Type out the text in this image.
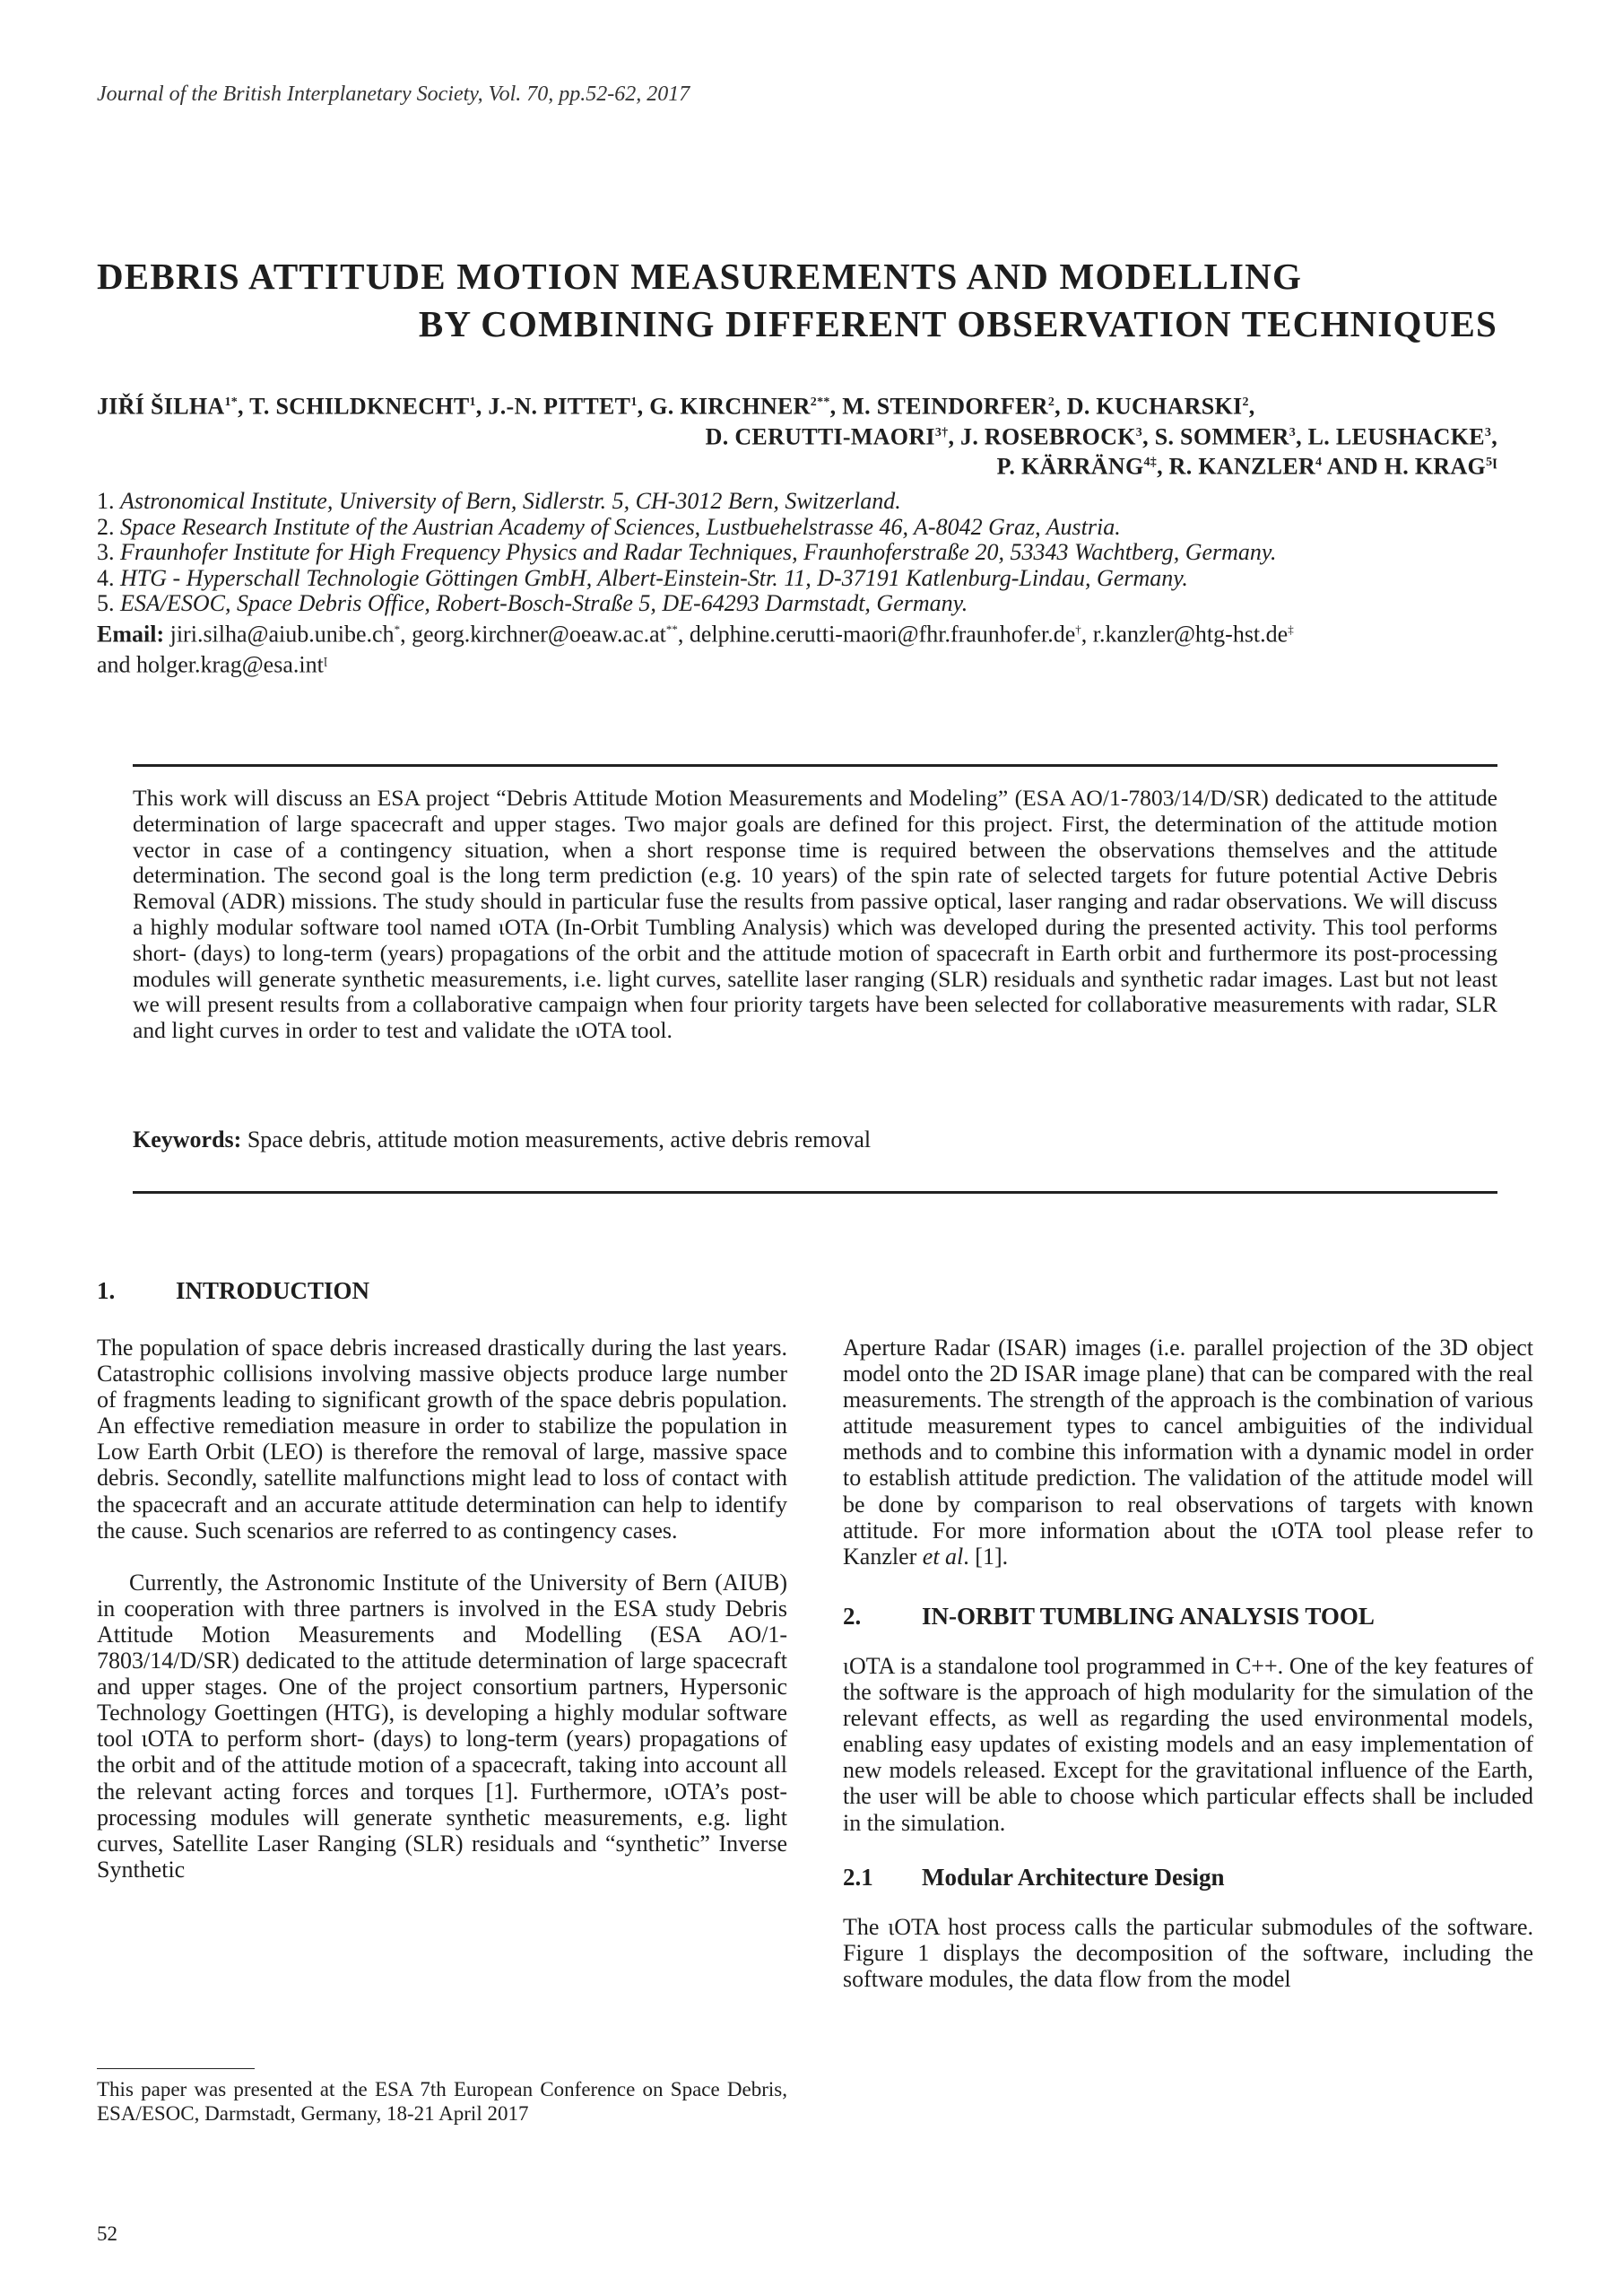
Journal of the British Interplanetary Society, Vol. 70, pp.52-62, 2017
DEBRIS ATTITUDE MOTION MEASUREMENTS AND MODELLING
BY COMBINING DIFFERENT OBSERVATION TECHNIQUES
JIŘÍ $ŠILHA^{1*}$, T. SCHILDKNECHT$^1$, J.-N. PITTET$^1$, G. $KIRCHNER^{2**}$, M. STEINDORFER$^2$, D. KUCHARSKI$^2$,
D. CERUTTI-$MAORI^{3\dagger}$, J. ROSEBROCK$^3$, S. SOMMER$^3$, L. LEUSHACKE$^3$,
P. $KÄRRÄNG^{4\ddagger}$, R. KANZLER$^4$ AND H. $KRAG^{5ꞁ}$
1. Astronomical Institute, University of Bern, Sidlerstr. 5, CH-3012 Bern, Switzerland.
2. Space Research Institute of the Austrian Academy of Sciences, Lustbuehelstrasse 46, A-8042 Graz, Austria.
3. Fraunhofer Institute for High Frequency Physics and Radar Techniques, Fraunhoferstraße 20, 53343 Wachtberg, Germany.
4. HTG - Hyperschall Technologie Göttingen GmbH, Albert-Einstein-Str. 11, D-37191 Katlenburg-Lindau, Germany.
5. ESA/ESOC, Space Debris Office, Robert-Bosch-Straße 5, DE-64293 Darmstadt, Germany.
Email: jiri.silha@aiub.unibe.ch*, georg.kirchner@oeaw.ac.at**, delphine.cerutti-maori@fhr.fraunhofer.de†, r.kanzler@htg-hst.de‡
and holger.krag@esa.int$^ꞁ$
This work will discuss an ESA project “Debris Attitude Motion Measurements and Modeling” (ESA AO/1-7803/14/D/SR) dedicated to the attitude determination of large spacecraft and upper stages. Two major goals are defined for this project. First, the determination of the attitude motion vector in case of a contingency situation, when a short response time is required between the observations themselves and the attitude determination. The second goal is the long term prediction (e.g. 10 years) of the spin rate of selected targets for future potential Active Debris Removal (ADR) missions. The study should in particular fuse the results from passive optical, laser ranging and radar observations. We will discuss a highly modular software tool named ιOTA (In-Orbit Tumbling Analysis) which was developed during the presented activity. This tool performs short- (days) to long-term (years) propagations of the orbit and the attitude motion of spacecraft in Earth orbit and furthermore its post-processing modules will generate synthetic measurements, i.e. light curves, satellite laser ranging (SLR) residuals and synthetic radar images. Last but not least we will present results from a collaborative campaign when four priority targets have been selected for collaborative measurements with radar, SLR and light curves in order to test and validate the ιOTA tool.
Keywords: Space debris, attitude motion measurements, active debris removal
1.	INTRODUCTION

The population of space debris increased drastically during the last years. Catastrophic collisions involving massive objects produce large number of fragments leading to significant growth of the space debris population. An effective remediation measure in order to stabilize the population in Low Earth Orbit (LEO) is therefore the removal of large, massive space debris. Secondly, satellite malfunctions might lead to loss of contact with the spacecraft and an accurate attitude determination can help to identify the cause. Such scenarios are referred to as contingency cases.

Currently, the Astronomic Institute of the University of Bern (AIUB) in cooperation with three partners is involved in the ESA study Debris Attitude Motion Measurements and Modelling (ESA AO/1-7803/14/D/SR) dedicated to the attitude determination of large spacecraft and upper stages. One of the project consortium partners, Hypersonic Technology Goettingen (HTG), is developing a highly modular software tool ιOTA to perform short- (days) to long-term (years) propagations of the orbit and of the attitude motion of a spacecraft, taking into account all the relevant acting forces and torques [1]. Furthermore, ιOTA’s post-processing modules will generate synthetic measurements, e.g. light curves, Satellite Laser Ranging (SLR) residuals and “synthetic” Inverse Synthetic

Aperture Radar (ISAR) images (i.e. parallel projection of the 3D object model onto the 2D ISAR image plane) that can be compared with the real measurements. The strength of the approach is the combination of various attitude measurement types to cancel ambiguities of the individual methods and to combine this information with a dynamic model in order to establish attitude prediction. The validation of the attitude model will be done by comparison to real observations of targets with known attitude. For more information about the ιOTA tool please refer to Kanzler et al. [1].

2.	IN-ORBIT TUMBLING ANALYSIS TOOL

ιOTA is a standalone tool programmed in C++. One of the key features of the software is the approach of high modularity for the simulation of the relevant effects, as well as regarding the used environmental models, enabling easy updates of existing models and an easy implementation of new models released. Except for the gravitational influence of the Earth, the user will be able to choose which particular effects shall be included in the simulation.

2.1 Modular Architecture Design

The ιOTA host process calls the particular submodules of the software. Figure 1 displays the decomposition of the software, including the software modules, the data flow from the model

This paper was presented at the ESA 7th European Conference on Space Debris, ESA/ESOC, Darmstadt, Germany, 18-21 April 2017
52
